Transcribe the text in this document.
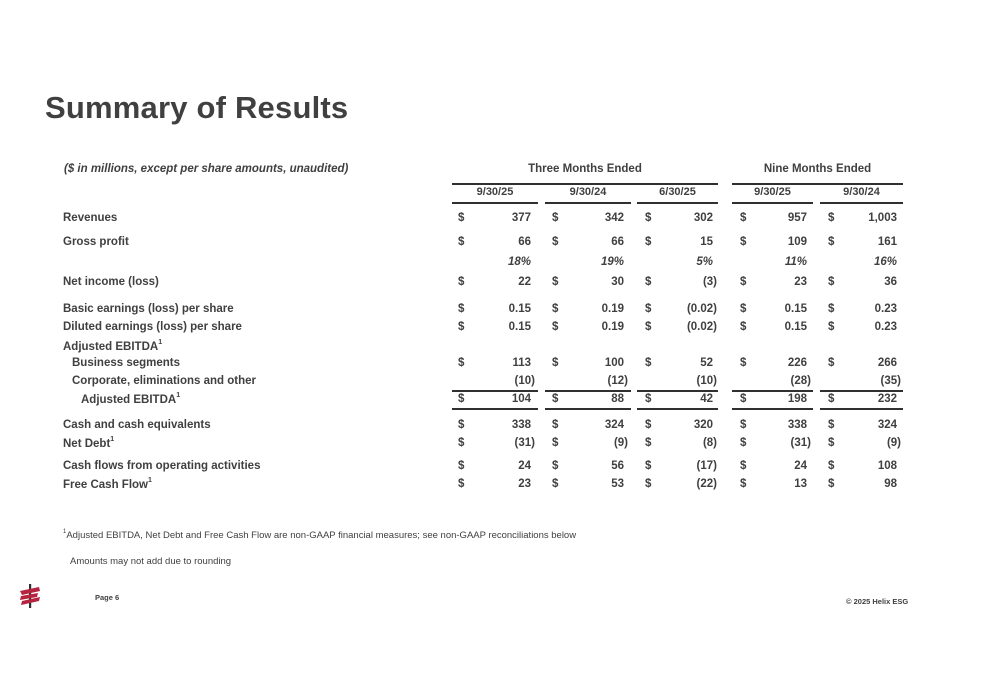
Summary of Results
($ in millions, except per share amounts, unaudited)	Three Months Ended	Nine Months Ended
9/30/25	9/30/24	6/30/25	9/30/25	9/30/24
Revenues	$	377 $	342 $	302 $	957 $	1,003
Gross profit	$	66 $	66 $	15 $	109 $	161
18%	19%	5%	11%	16%
Net income (loss)	$	22 $	30 $	(3) $	23 $	36
Basic earnings (loss) per share	$	0.15 $	0.19 $	(0.02) $	0.15 $	0.23
Diluted earnings (loss) per share	$	0.15 $	0.19 $	(0.02) $	0.15 $	0.23
Adjusted EBITDA$^1$
Business segments	$	113 $	100 $	52 $	226 $	266
Corporate, eliminations and other	(10)	(12)	(10)	(28)	(35)
Adjusted EBITDA$^1$	$	104 $	88 $	42 $	198 $	232
Cash and cash equivalents	$	338 $	324 $	320 $	338 $	324
Net Debt$^1$	$	(31) $	(9) $	(8) $	(31) $	(9)
Cash flows from operating activities	$	24 $	56 $	(17) $	24 $	108
Free Cash Flow$^1$	$	23 $	53 $	(22) $	13 $	98
$^1$Adjusted EBITDA, Net Debt and Free Cash Flow are non-GAAP financial measures; see non-GAAP reconciliations below
Amounts may not add due to rounding
Page 6	© 2025 Helix ESG
